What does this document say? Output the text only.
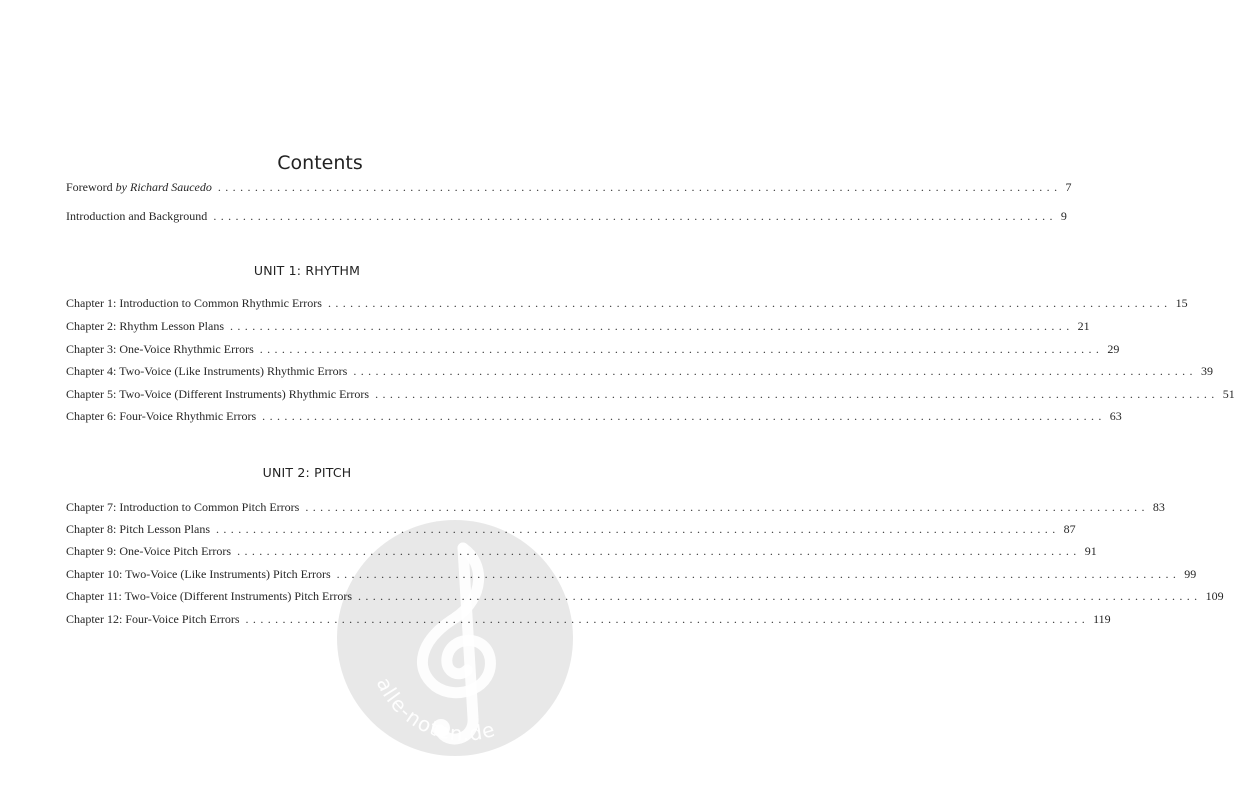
alle-noten.de
Contents
Foreword by Richard Saucedo .................................................................................................................. 7
Introduction and Background .................................................................................................................. 9
UNIT 1: RHYTHM
Chapter 1: Introduction to Common Rhythmic Errors .................................................................................................................. 15
Chapter 2: Rhythm Lesson Plans .................................................................................................................. 21
Chapter 3: One-Voice Rhythmic Errors .................................................................................................................. 29
Chapter 4: Two-Voice (Like Instruments) Rhythmic Errors .................................................................................................................. 39
Chapter 5: Two-Voice (Different Instruments) Rhythmic Errors .................................................................................................................. 51
Chapter 6: Four-Voice Rhythmic Errors .................................................................................................................. 63
UNIT 2: PITCH
Chapter 7: Introduction to Common Pitch Errors .................................................................................................................. 83
Chapter 8: Pitch Lesson Plans .................................................................................................................. 87
Chapter 9: One-Voice Pitch Errors .................................................................................................................. 91
Chapter 10: Two-Voice (Like Instruments) Pitch Errors .................................................................................................................. 99
Chapter 11: Two-Voice (Different Instruments) Pitch Errors .................................................................................................................. 109
Chapter 12: Four-Voice Pitch Errors .................................................................................................................. 119
